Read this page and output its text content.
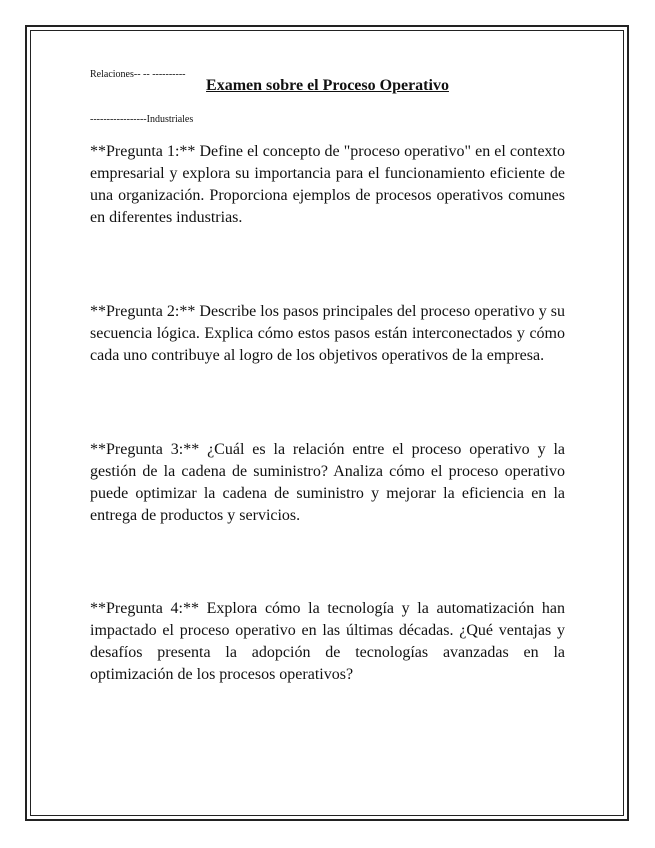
Relaciones-- -- ----------

-----------------Industriales

Examen sobre el Proceso Operativo
**Pregunta 1:** Define el concepto de "proceso operativo" en el contexto empresarial y explora su importancia para el funcionamiento eficiente de una organización. Proporciona ejemplos de procesos operativos comunes en diferentes industrias.
**Pregunta 2:** Describe los pasos principales del proceso operativo y su secuencia lógica. Explica cómo estos pasos están interconectados y cómo cada uno contribuye al logro de los objetivos operativos de la empresa.
**Pregunta 3:** ¿Cuál es la relación entre el proceso operativo y la gestión de la cadena de suministro? Analiza cómo el proceso operativo puede optimizar la cadena de suministro y mejorar la eficiencia en la entrega de productos y servicios.
**Pregunta 4:** Explora cómo la tecnología y la automatización han impactado el proceso operativo en las últimas décadas. ¿Qué ventajas y desafíos presenta la adopción de tecnologías avanzadas en la optimización de los procesos operativos?
